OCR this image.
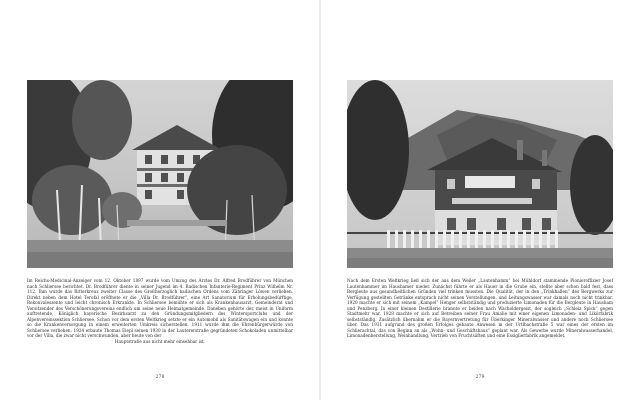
Im Reichs-Medicinal-Anzeiger vom 12. Oktober 1897 wurde vom Umzug des Arztes Dr. Alfred Brodführer von München nach Schliersee berichtet. Dr. Brodführer diente in seiner Jugend im 4. Badischen Infanterie-Regiment Prinz Wilhelm Nr. 112. Ihm wurde das Ritterkreuz zweiter Classe des Großherzoglich badischen Ordens vom Zähringer Löwen verliehen. Direkt neben dem Hotel Terofal eröffnete er die „Villa Dr. Brodführer“, eine Art Sanatorium für Erholungsbedürftige, Rekonvaleszente und leicht chronisch Erkrankte. In Schliersee bemühte er sich als Krankenhausarzt, Gemeinderat und Vorsitzender des Verschönerungsvereins endlich um seine neue Heimatgemeinde. Daneben gehörte der, meist in Uniform auftretende, Königlich bayerische Bezirksarzt zu den Gründungsmitgliedern des Wintersportclubs und der Alpenvereinssektion Schliersee. Schon vor dem ersten Weltkrieg setzte er ein Automobil als Sanitätswagen ein und konnte so die Krankenversorgung in einem erweiterten Umkreis sicherstellen. 1911 wurde ihm die Ehrenbürgerwürde von Schliersee verliehen. 1924 erbaute Thomas Eiepl seinen 1930 in der Lautererstraße gegründeten Schokoladen unmittelbar vor der Villa, die zwar nicht verschwunden, aber heute von der

Hauptstraße aus nicht mehr einsehbar ist.

278

Nach dem Ersten Weltkrieg ließ sich der aus dem Weiler „Lautenhamm“ bei Mühldorf stammende Pionieroffizier Josef Lautenhammer im Haushamer nieder. Zunächst führte er als Hauer in die Grube ein, stellte aber schon bald fest, dass Bergleute aus gesundheitlichen Gründen viel trinken mussten. Die Qualität, der in den „Trinkhallen“ des Bergwerks zur Verfügung gestellten Getränke entsprach nicht seinen Vorstellungen, und Leitungswasser war damals noch nicht trinkbar. 1920 machte er sich mit seinem „Kampel“ Henger selbstständig und produzierte Limonaden für die Bergleute in Hausham und Penzberg. In einer kleinen Destillerie brannte er beiden nach Wacholdergeist, der sogleich „Schleiz Spick“ gegen Stadtmehr war. 1928 machte er sich auf Betreiben seiner Frau Amalie mit einer eigenen Limonaden- und Likörfabrik selbstständig. Zusätzlich übernahm er die Bayernvertretung für Überkinger Mineralwasser und andere noch Schliersee über. Das 1931 aufgrund des großen Erfolges gebaute Anwesen in der Urtlbachstraße 5 war eines der ersten im Schlierachtal, das von Beginn an als „Wohn- und Geschäftshaus“ geplant war. Als Gewerbe wurde Mineralwasserhandel, Limonadenherstellung, Weinhandlung, Vertrieb von Fruchtsäften und eine Essiglierfabrik angemeldet.

279
